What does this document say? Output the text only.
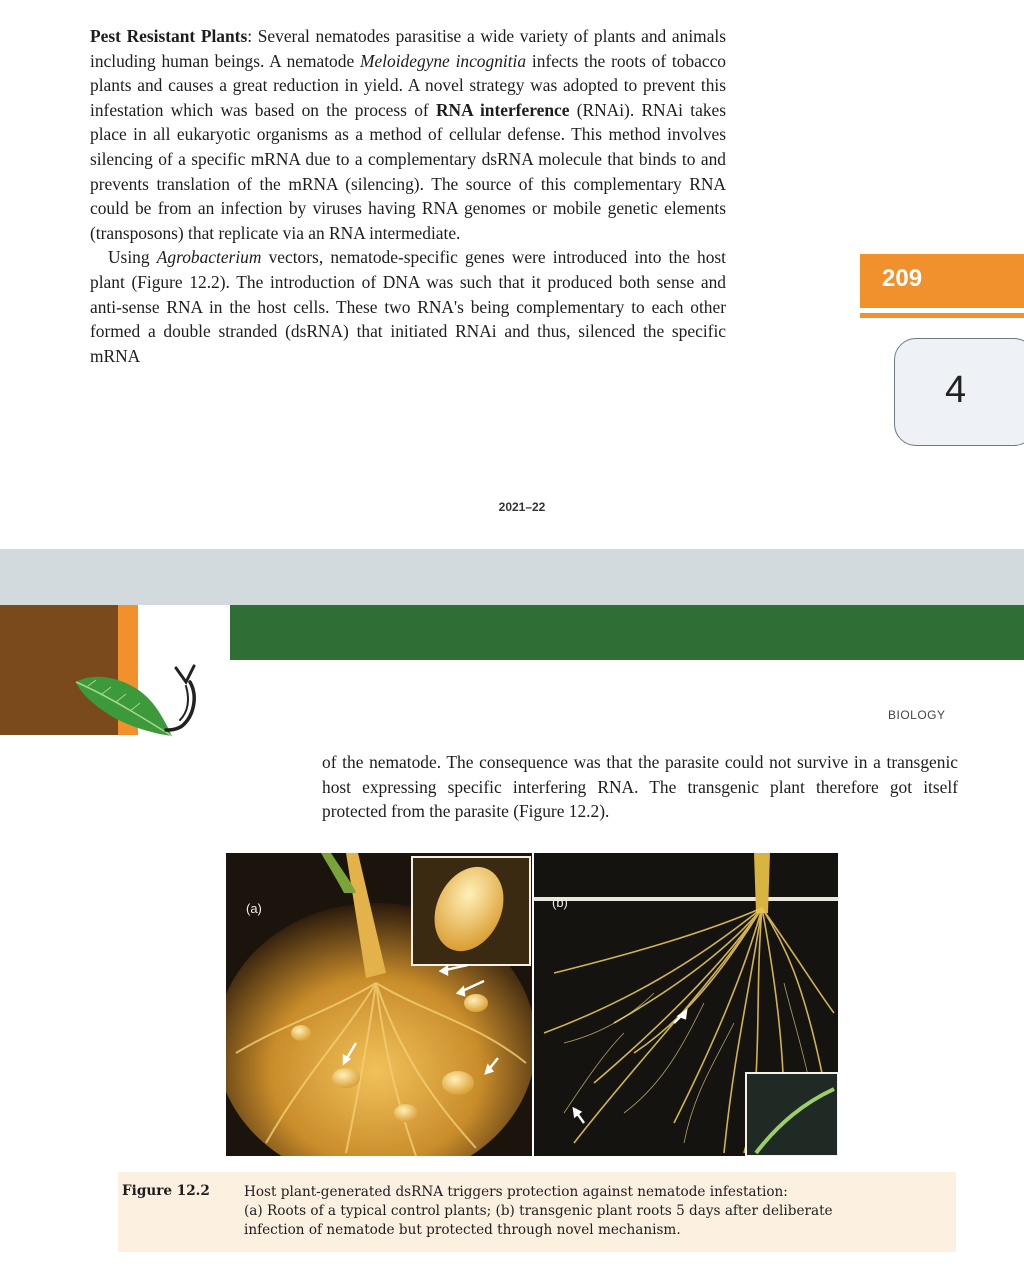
Pest Resistant Plants: Several nematodes parasitise a wide variety of plants and animals including human beings. A nematode Meloidegyne incognitia infects the roots of tobacco plants and causes a great reduction in yield. A novel strategy was adopted to prevent this infestation which was based on the process of RNA interference (RNAi). RNAi takes place in all eukaryotic organisms as a method of cellular defense. This method involves silencing of a specific mRNA due to a complementary dsRNA molecule that binds to and prevents translation of the mRNA (silencing). The source of this complementary RNA could be from an infection by viruses having RNA genomes or mobile genetic elements (transposons) that replicate via an RNA intermediate.

Using Agrobacterium vectors, nematode-specific genes were introduced into the host plant (Figure 12.2). The introduction of DNA was such that it produced both sense and anti-sense RNA in the host cells. These two RNA's being complementary to each other formed a double stranded (dsRNA) that initiated RNAi and thus, silenced the specific mRNA

209
4
2021–22
BIOLOGY
of the nematode. The consequence was that the parasite could not survive in a transgenic host expressing specific interfering RNA. The transgenic plant therefore got itself protected from the parasite (Figure 12.2).
(a)	(b)
Figure 12.2	Host plant-generated dsRNA triggers protection against nematode infestation:
(a) Roots of a typical control plants; (b) transgenic plant roots 5 days after deliberate
infection of nematode but protected through novel mechanism.
